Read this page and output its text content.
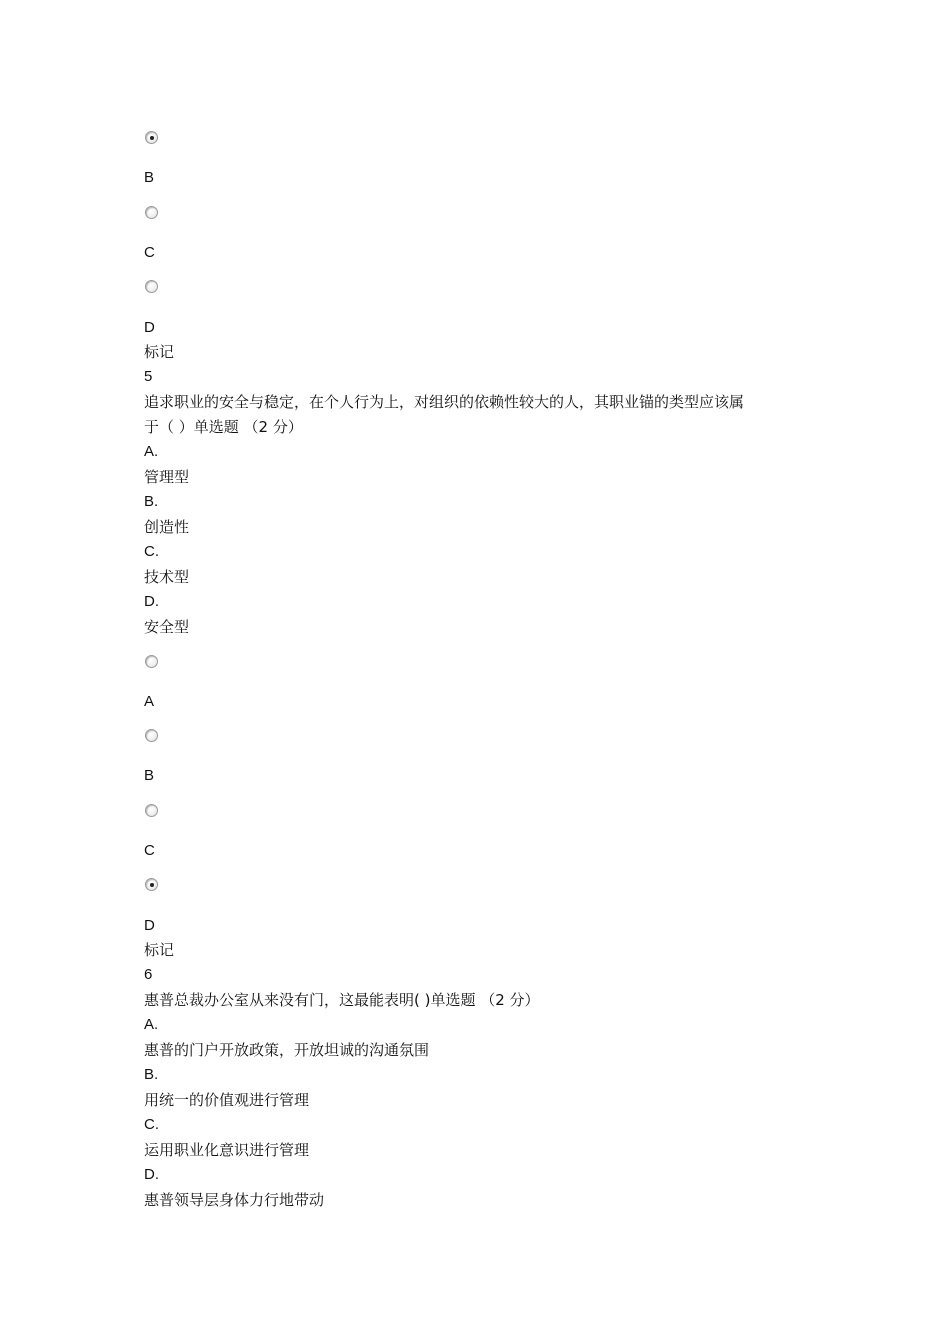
B
C
D
标记
5
追求职业的安全与稳定，在个人行为上，对组织的依赖性较大的人，其职业锚的类型应该属
于（ ）单选题 （2 分）
A.
管理型
B.
创造性
C.
技术型
D.
安全型
A
B
C
D
标记
6
惠普总裁办公室从来没有门，这最能表明( )单选题 （2 分）
A.
惠普的门户开放政策，开放坦诚的沟通氛围
B.
用统一的价值观进行管理
C.
运用职业化意识进行管理
D.
惠普领导层身体力行地带动
